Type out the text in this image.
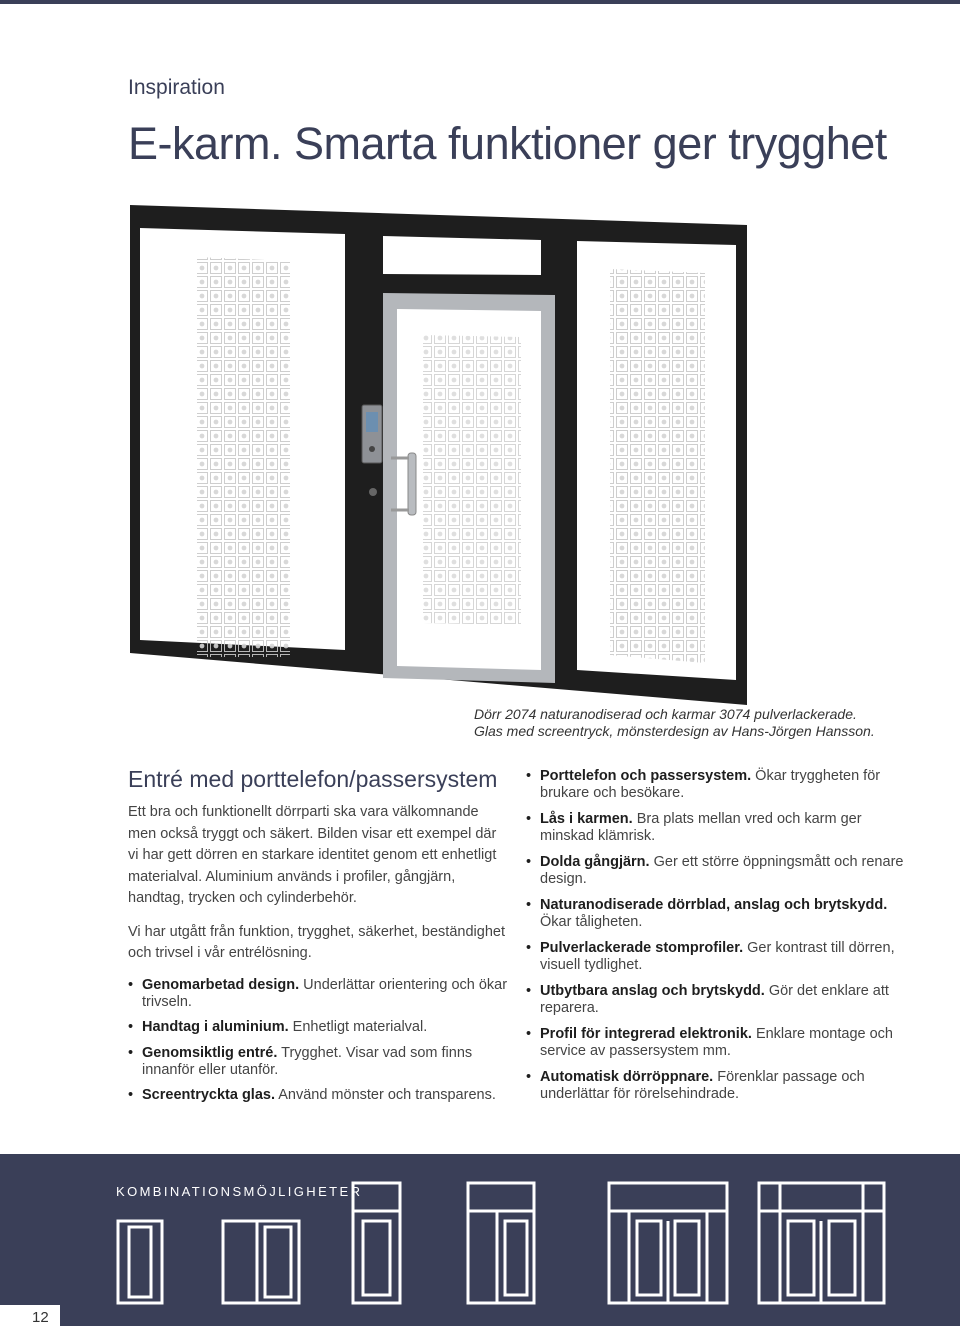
Inspiration
E-karm. Smarta funktioner ger trygghet
Dörr 2074 naturanodiserad och karmar 3074 pulverlackerade.
Glas med screentryck, mönsterdesign av Hans-Jörgen Hansson.
Entré med porttelefon/passersystem

Ett bra och funktionellt dörrparti ska vara välkomnande men också tryggt och säkert. Bilden visar ett exempel där vi har gett dörren en starkare identitet genom ett enhetligt materialval. Aluminium används i profiler, gångjärn, handtag, trycken och cylinderbehör.

Vi har utgått från funktion, trygghet, säkerhet, beständighet och trivsel i vår entrélösning.

• Genomarbetad design. Underlättar orientering och ökar trivseln.
• Handtag i aluminium. Enhetligt materialval.
• Genomsiktlig entré. Trygghet. Visar vad som finns innanför eller utanför.
• Screentryckta glas. Använd mönster och transparens.
• Porttelefon och passersystem. Ökar tryggheten för brukare och besökare.
• Lås i karmen. Bra plats mellan vred och karm ger minskad klämrisk.
• Dolda gångjärn. Ger ett större öppningsmått och renare design.
• Naturanodiserade dörrblad, anslag och brytskydd. Ökar tåligheten.
• Pulverlackerade stomprofiler. Ger kontrast till dörren, visuell tydlighet.
• Utbytbara anslag och brytskydd. Gör det enklare att reparera.
• Profil för integrerad elektronik. Enklare montage och service av passersystem mm.
• Automatisk dörröppnare. Förenklar passage och underlättar för rörelsehindrade.
KOMBINATIONSMÖJLIGHETER
12
